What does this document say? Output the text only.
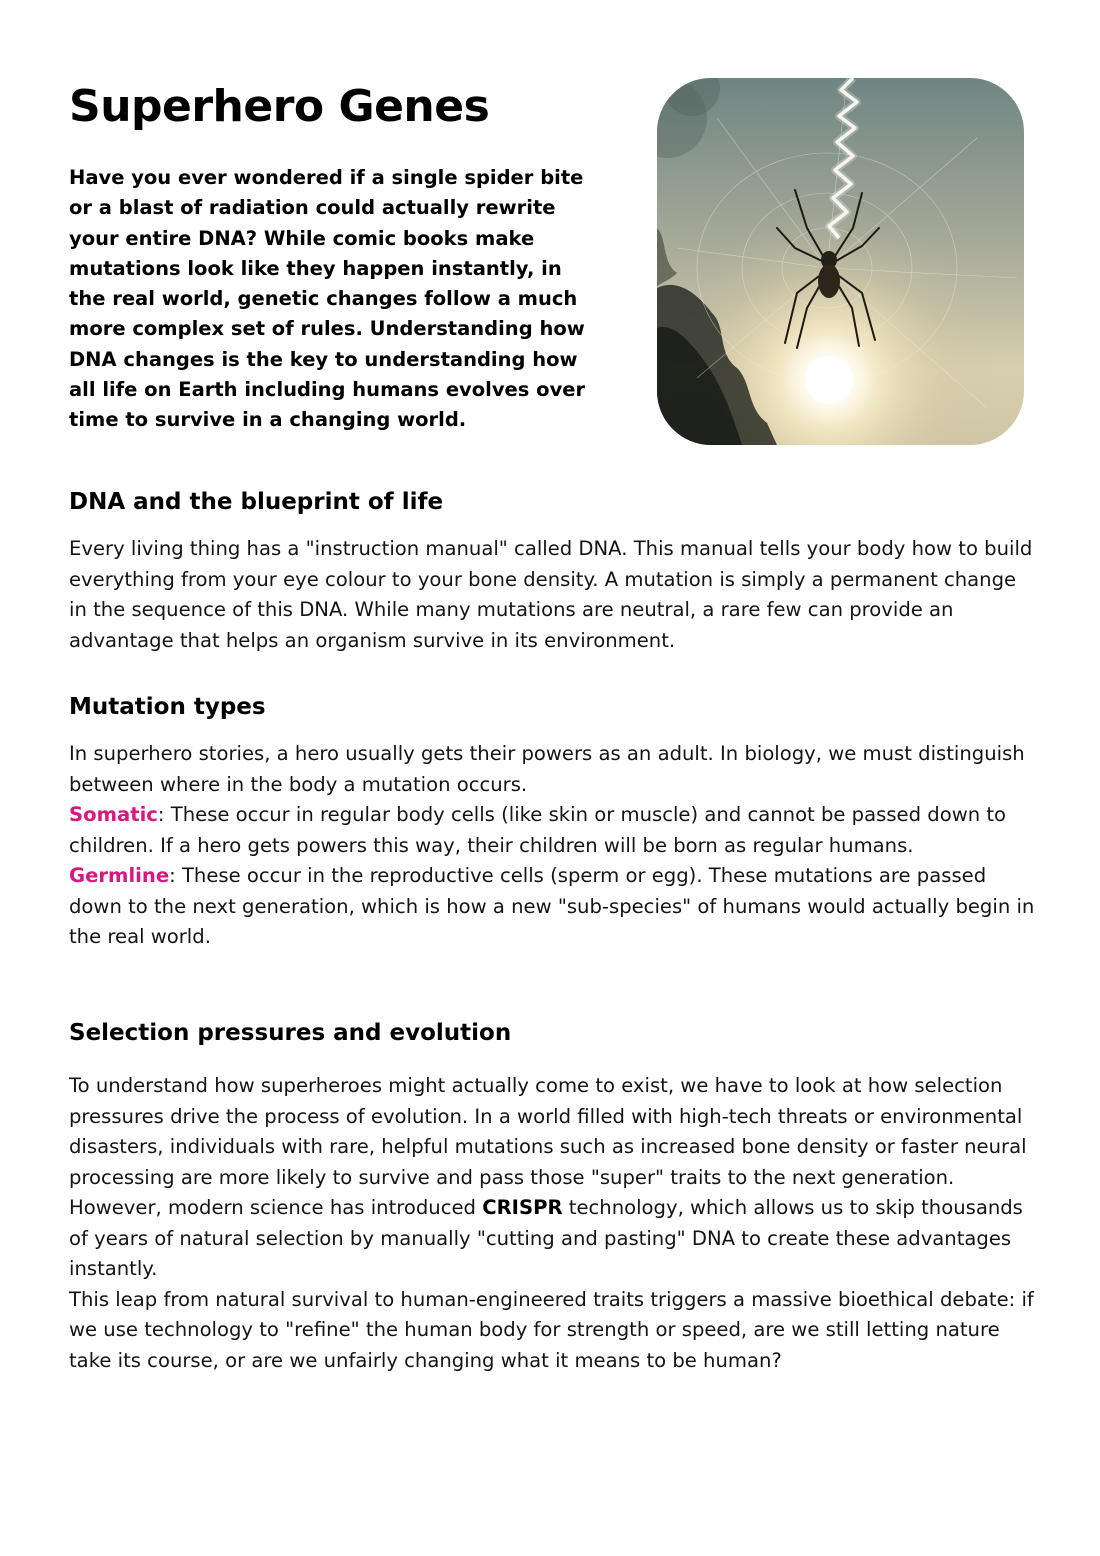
Superhero Genes

Have you ever wondered if a single spider bite or a blast of radiation could actually rewrite your entire DNA? While comic books make mutations look like they happen instantly, in the real world, genetic changes follow a much more complex set of rules. Understanding how DNA changes is the key to understanding how all life on Earth including humans evolves over time to survive in a changing world.

DNA and the blueprint of life

Every living thing has a "instruction manual" called DNA. This manual tells your body how to build everything from your eye colour to your bone density. A mutation is simply a permanent change in the sequence of this DNA. While many mutations are neutral, a rare few can provide an advantage that helps an organism survive in its environment.

Mutation types

In superhero stories, a hero usually gets their powers as an adult. In biology, we must distinguish between where in the body a mutation occurs.

Somatic: These occur in regular body cells (like skin or muscle) and cannot be passed down to children. If a hero gets powers this way, their children will be born as regular humans.

Germline: These occur in the reproductive cells (sperm or egg). These mutations are passed down to the next generation, which is how a new "sub-species" of humans would actually begin in the real world.

Selection pressures and evolution

To understand how superheroes might actually come to exist, we have to look at how selection pressures drive the process of evolution. In a world filled with high-tech threats or environmental disasters, individuals with rare, helpful mutations such as increased bone density or faster neural processing are more likely to survive and pass those "super" traits to the next generation. However, modern science has introduced CRISPR technology, which allows us to skip thousands of years of natural selection by manually "cutting and pasting" DNA to create these advantages instantly.

This leap from natural survival to human-engineered traits triggers a massive bioethical debate: if we use technology to "refine" the human body for strength or speed, are we still letting nature take its course, or are we unfairly changing what it means to be human?
